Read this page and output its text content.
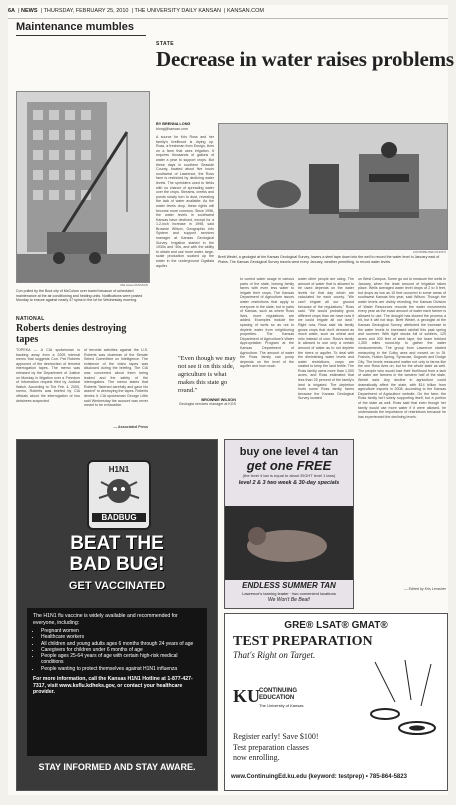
6A  | NEWS  | THURSDAY, FEBRUARY 25, 2010  | THE UNIVERSITY DAILY KANSAN  | KANSAN.COM
Maintenance mumbles
Mia Iveson/KANSAN
Con pulled by the Boot city of McColum over towed because of scheduled maintenance at the air conditioning and heating units. Notifications were posted Monday to ensure against nearly 47 spins in the lot for Wednesday morning.
STATE
Decrease in water raises problems
BY BRENNA LONG
blong@kansan.com
CONTRIBUTED PHOTO
Brett Wedel, a geologist at the Kansas Geological Survey, lowers a steel tape down into the well to record the water level in January east of Plains. The Kansas Geological Survey travels west every January, weather permitting, to record water levels.
A source for Kris Ross and her family's livelihood is drying up. Ross, a freshman from Ensign, lives on a farm that uses irrigation. It requires thousands of gallons of water a year to support crops. But these days in southern Seaside County, located about five hours southwest of Lawrence, the Ross farm is restricted by declining water levels. The sprinklers used to fields with no chance of spreading water over the crops. Streams, creeks and ponds slowly turn to dust, revealing the lack of water available. As the water levels drop, these rights will become more common. Since 1996, the water levels in southwest Kansas have declined, except for a 1.2-inch increase in 1998, said Brownie Wilson, Geographic Info System and support services manager at Kansas Geological Survey. Irrigation started in the 1930s and '40s, and with the ability to obtain and use more water, large-scale production soaked up the water in the underground Ogallala aquifer.
"Even though we may not see it on this side, agriculture is what makes this state go round."
BROWNIE WILSON
Geologist services manager at KGS
to control water usage in various parts of the state, leaving family farms with even less water to irrigate their crops. The Kansas Department of Agriculture issues water restrictions that apply to everyone in the state, but in parts of Kansas, such as where Ross lives, more regulations are added. Examples include the spacing of wells so as not to deplete water from neighboring properties. The Kansas Department of Agriculture's Water Appropriation Program at the Kansas Department of Agriculture. The amount of water the Ross family can pump depends on the level of the aquifer and how much
water other people are using. The amount of water that is allowed to be used depends on the water levels for that day which are calculated for each county. "We can't irrigate all our ground because of the regulations," Ross said. "We would probably grow different crops than we have now if we could irrigate all our land." Right now, Ross said his family grows crops that don't demand as much water, such as wheat and milo instead of corn. Ross's family is allowed to use only a certain amount of water as to not deplete the rivers or aquifer. To deal with the diminishing water levels and water restrictions, crops are rotated to keep the land fertile. The Ross family owns more than 1,000 acres, and Ross estimated that less than 25 percent of the family's land is irrigated. The depletion hurts some Ross family farms because the Kansas Geological Survey located
on West Campus. Some go out to measure the wells in January, when the least amount of irrigation takes place. Wells averaged water level drops of 2 to 5 feet, but drops as low as 10 feet occurred in some areas of southwest Kansas this year, said Wilson. Though the water levels are visibly receding, the Kansas Division of Water Resources records the water movements every year as the exact amount of water each farmer is allowed to use. The drought has slowed the process a bit, but it will not stop. Brett Wedel, a geologist at the Kansas Geological Survey, attributed the increase to the water levels to increased rainfall this past spring and summer. With tight stocks full of soldiers, 120 acres and 300 feet of steel tape, the team trekked 1,300 miles round-trip to gather the water measurements. The group from Lawrence started measuring in the Colby area and moved on to St. Francis, Hutton Spring, Syracuse, Dugouts and Dodge City. The levels measured matter not only to farms like the one Ross lives on, but for the whole state as well. The people who would lose their livelihood from a lack of water are farmers in the western half of the state, Wedel said. Any decline in agriculture could dramatically affect the state, with $14 billion from agriculture exports in 2008, according to the Kansas Department of Agriculture website. On the farm, the Ross family isn't solely supporting itself, but a portion of the state as well. Ross said that even though her family would use more water if it were allowed, he understands the importance of restrictions because he has experienced the declining levels.
— Edited by Kris Lerasher
NATIONAL
Roberts denies destroying tapes
TOPEKA — A CIA spokesman is backing away from a 2005 internal memo that suggests Con. Pat Roberts approved of the destruction of terrorist interrogation tapes. The memo was released by the Department of Justice on Monday in litigation over a Freedom of Information request filed by Judicial Watch. According to The Feb. 4, 2005, memo, Roberts was briefed by CIA officials about the interrogation of two detainees suspected
of terrorist activities against the U.S. Roberts was chairman of the Senate Select Committee on Intelligence. The existence of the video tapes was disclosed during the briefing. The CIA was concerned about them being leaked and the safety of the interrogators. The memo states that Roberts "listened carefully and gave his assent" to destroying the tapes. Roberts denies it. CIA spokesman George Little said Wednesday the account was never meant to be exhaustive.
— Associated Press
H1N1
BADBUG
BEAT THE
BAD BUG!
GET VACCINATED
The H1N1 flu vaccine is widely available and recommended for everyone, including:
• Pregnant women
• Healthcare workers
• All children and young adults ages 6 months through 24 years of age
• Caregivers for children under 6 months of age
• People ages 25-64 years of age with certain high-risk medical conditions
• People wanting to protect themselves against H1N1 influenza
For more information, call the Kansas H1N1 Hotline at 1-877-427-7317, visit www.ksflu.kdheks.gov, or contact your healthcare provider.
STAY INFORMED AND STAY AWARE.
buy one level 4 tan
get one FREE
(the level 4 tan is equal to about EIGHT level 1 tans)
level 2 & 3 two week & 30-day specials
ENDLESS SUMMER TAN
Lawrence's tanning leader · two convenient locations
We Won't Be Beat!
GRE® LSAT® GMAT®
TEST PREPARATION
That's Right on Target.
KU CONTINUING
EDUCATION
The University of Kansas
Register early! Save $100!
Test preparation classes
now enrolling.
www.ContinuingEd.ku.edu (keyword: testprep) • 785-864-5823
